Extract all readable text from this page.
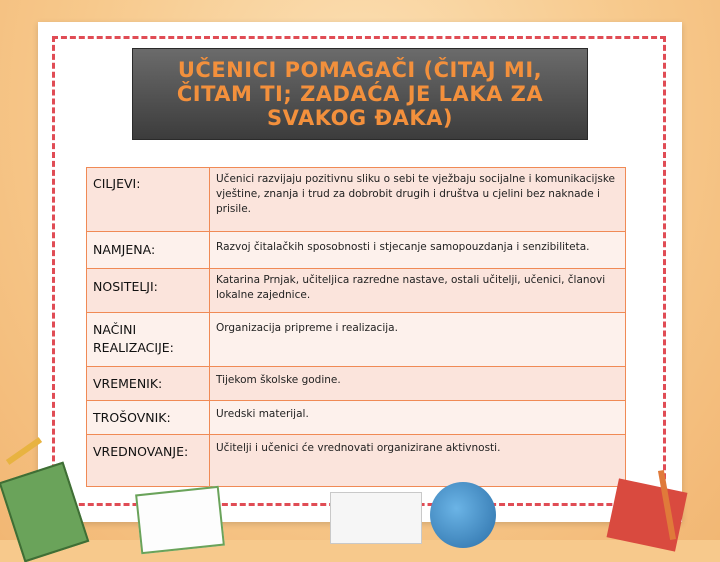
UČENICI POMAGAČI (ČITAJ MI, ČITAM TI; ZADAĆA JE LAKA ZA SVAKOG ĐAKA)
CILJEVI:	Učenici razvijaju pozitivnu sliku o sebi te vježbaju socijalne i komunikacijske vještine, znanja i trud za dobrobit drugih i društva u cjelini bez naknade i prisile.
NAMJENA:	Razvoj čitalačkih sposobnosti i stjecanje samopouzdanja i senzibiliteta.
NOSITELJI:	Katarina Prnjak, učiteljica razredne nastave, ostali učitelji, učenici, članovi lokalne zajednice.
NAČINI REALIZACIJE:	Organizacija pripreme i realizacija.
VREMENIK:	Tijekom školske godine.
TROŠOVNIK:	Uredski materijal.
VREDNOVANJE:	Učitelji i učenici će vrednovati organizirane aktivnosti.
